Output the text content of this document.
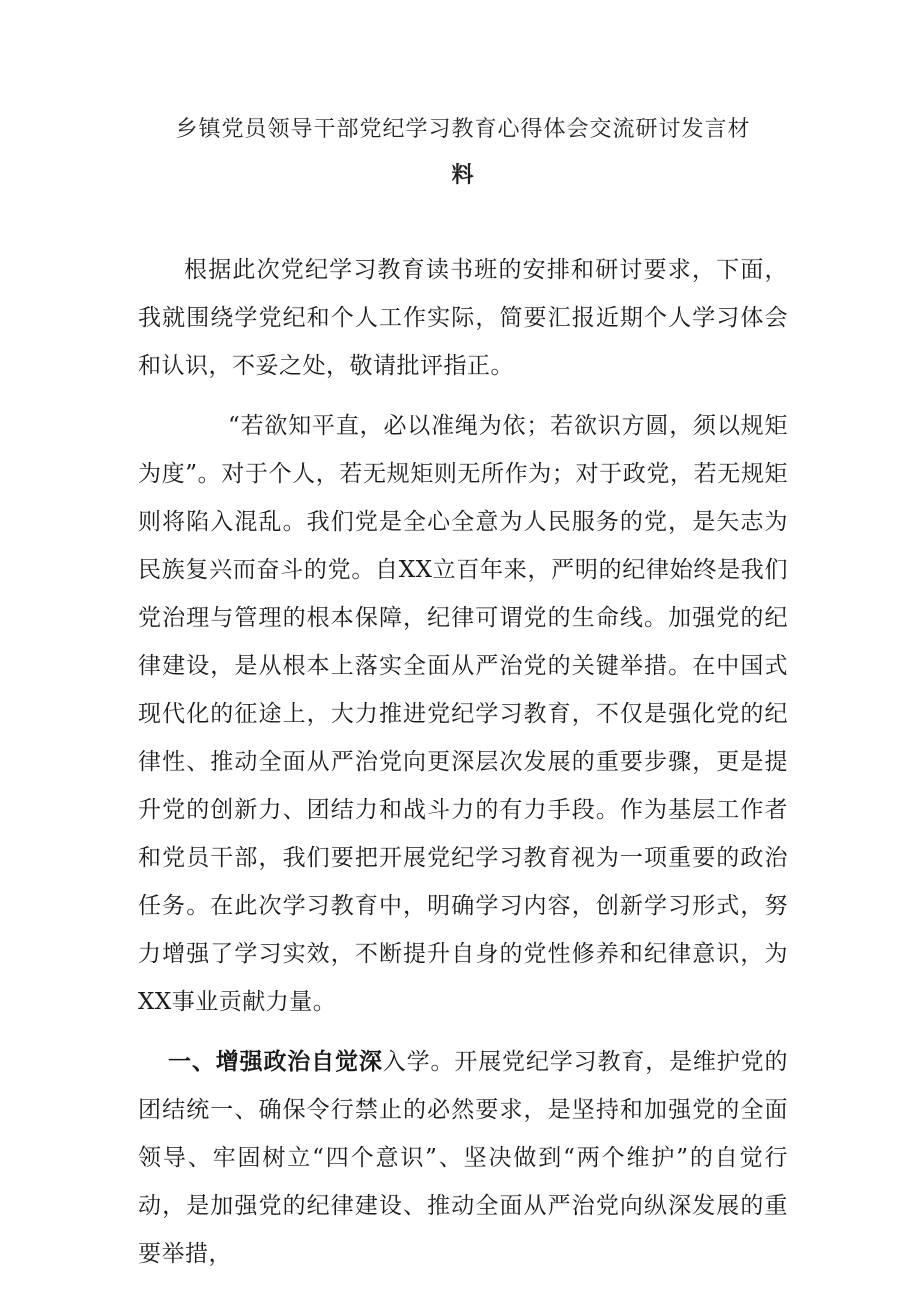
乡镇党员领导干部党纪学习教育心得体会交流研讨发言材
料

根据此次党纪学习教育读书班的安排和研讨要求，下面，我就围绕学党纪和个人工作实际，简要汇报近期个人学习体会和认识，不妥之处，敬请批评指正。

“若欲知平直，必以准绳为依；若欲识方圆，须以规矩为度”。对于个人，若无规矩则无所作为；对于政党，若无规矩则将陷入混乱。我们党是全心全意为人民服务的党，是矢志为民族复兴而奋斗的党。自XX立百年来，严明的纪律始终是我们党治理与管理的根本保障，纪律可谓党的生命线。加强党的纪律建设，是从根本上落实全面从严治党的关键举措。在中国式现代化的征途上，大力推进党纪学习教育，不仅是强化党的纪律性、推动全面从严治党向更深层次发展的重要步骤，更是提升党的创新力、团结力和战斗力的有力手段。作为基层工作者和党员干部，我们要把开展党纪学习教育视为一项重要的政治任务。在此次学习教育中，明确学习内容，创新学习形式，努力增强了学习实效，不断提升自身的党性修养和纪律意识，为XX事业贡献力量。

一、增强政治自觉深入学。开展党纪学习教育，是维护党的团结统一、确保令行禁止的必然要求，是坚持和加强党的全面领导、牢固树立“四个意识”、坚决做到“两个维护”的自觉行动，是加强党的纪律建设、推动全面从严治党向纵深发展的重要举措，
